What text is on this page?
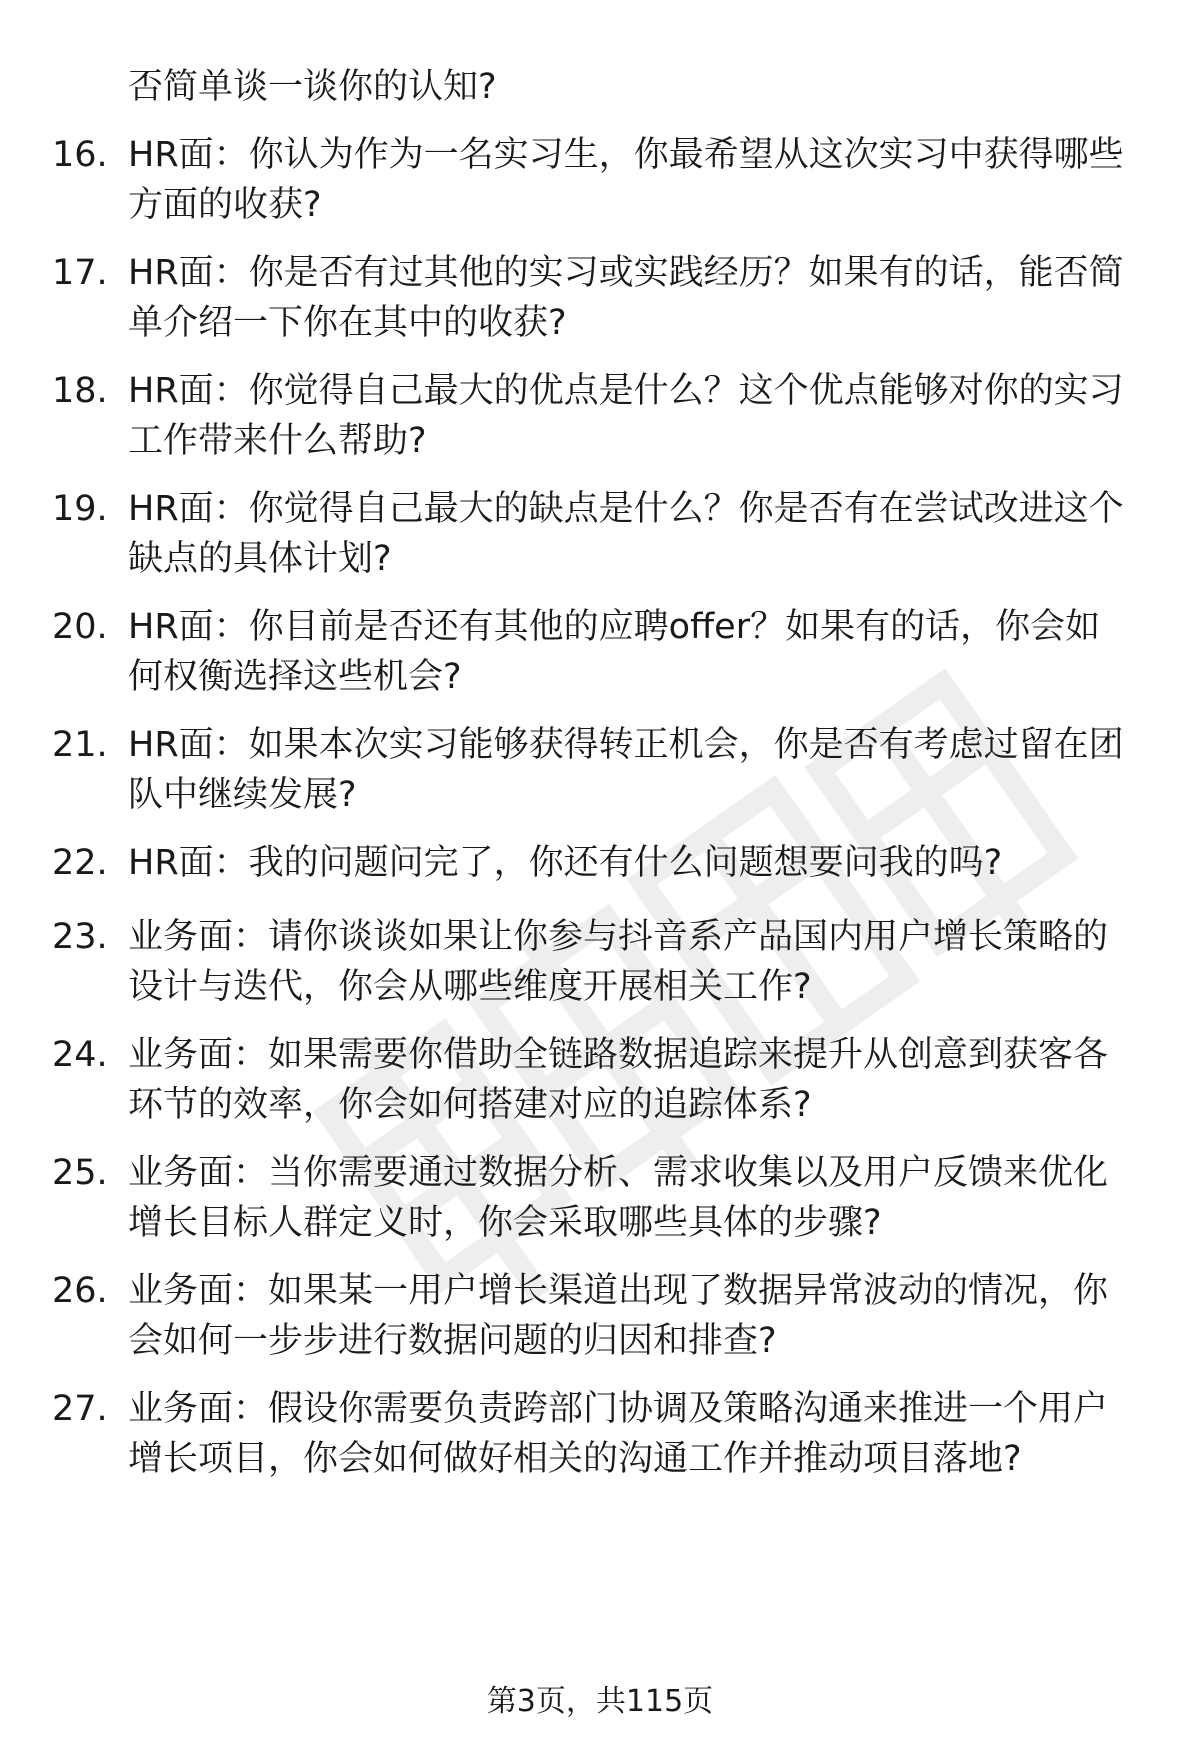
否简单谈一谈你的认知?
16. HR面：你认为作为一名实习生，你最希望从这次实习中获得哪些
方面的收获?
17. HR面：你是否有过其他的实习或实践经历？如果有的话，能否简
单介绍一下你在其中的收获?
18. HR面：你觉得自己最大的优点是什么？这个优点能够对你的实习
工作带来什么帮助?
19. HR面：你觉得自己最大的缺点是什么？你是否有在尝试改进这个
缺点的具体计划?
20. HR面：你目前是否还有其他的应聘offer？如果有的话，你会如
何权衡选择这些机会?
21. HR面：如果本次实习能够获得转正机会，你是否有考虑过留在团
队中继续发展?
22. HR面：我的问题问完了，你还有什么问题想要问我的吗?
23. 业务面：请你谈谈如果让你参与抖音系产品国内用户增长策略的
设计与迭代，你会从哪些维度开展相关工作?
24. 业务面：如果需要你借助全链路数据追踪来提升从创意到获客各
环节的效率，你会如何搭建对应的追踪体系?
25. 业务面：当你需要通过数据分析、需求收集以及用户反馈来优化
增长目标人群定义时，你会采取哪些具体的步骤?
26. 业务面：如果某一用户增长渠道出现了数据异常波动的情况，你
会如何一步步进行数据问题的归因和排查?
27. 业务面：假设你需要负责跨部门协调及策略沟通来推进一个用户
增长项目，你会如何做好相关的沟通工作并推动项目落地?
第3页，共115页
